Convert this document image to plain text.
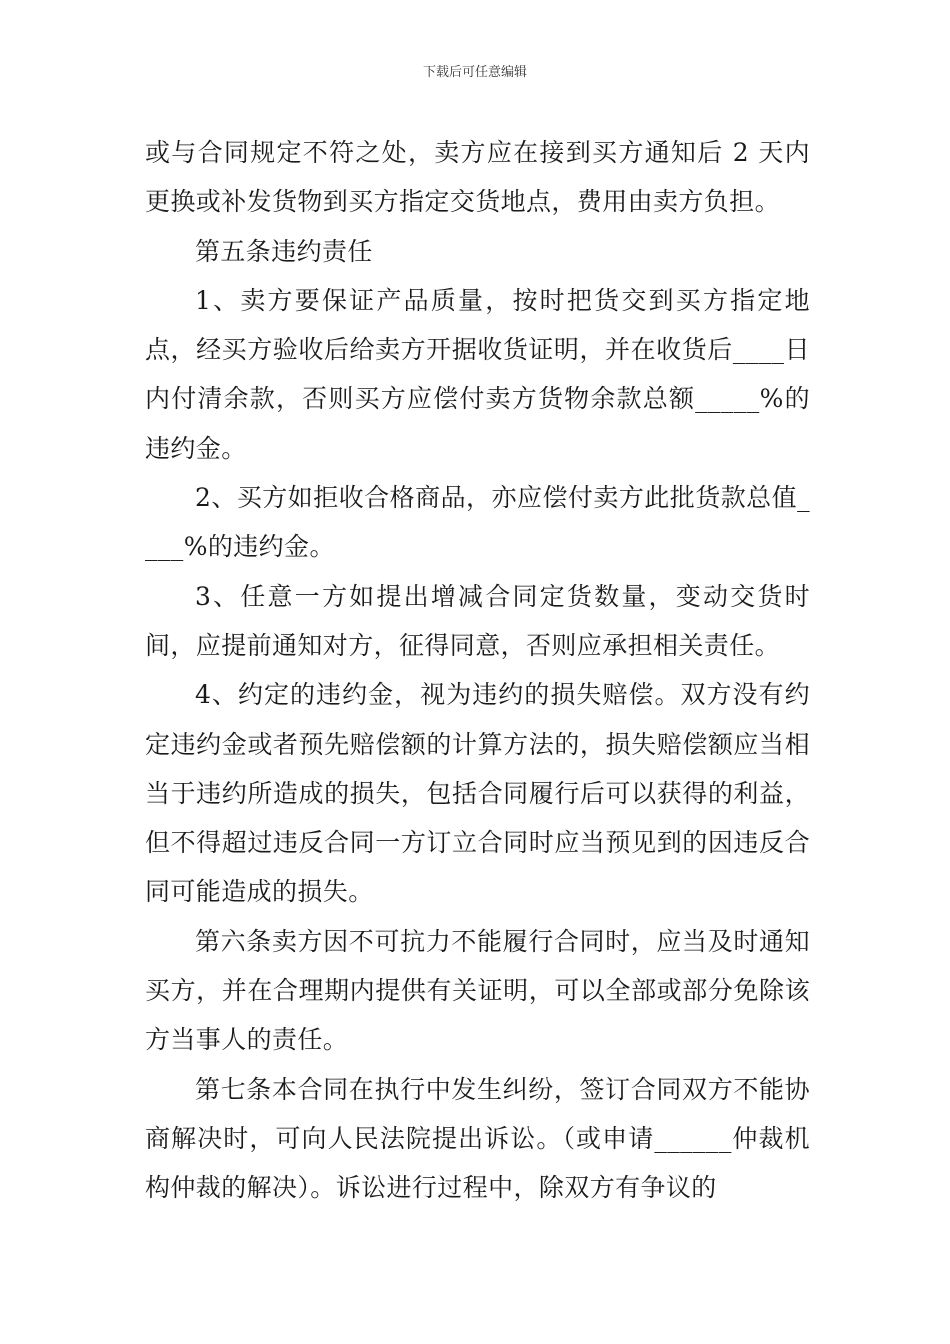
下载后可任意编辑

或与合同规定不符之处，卖方应在接到买方通知后 2 天内更换或补发货物到买方指定交货地点，费用由卖方负担。

第五条违约责任

1、卖方要保证产品质量，按时把货交到买方指定地点，经买方验收后给卖方开据收货证明，并在收货后____日内付清余款，否则买方应偿付卖方货物余款总额_____%的违约金。

2、买方如拒收合格商品，亦应偿付卖方此批货款总值____%的违约金。

3、任意一方如提出增减合同定货数量，变动交货时间，应提前通知对方，征得同意，否则应承担相关责任。

4、约定的违约金，视为违约的损失赔偿。双方没有约定违约金或者预先赔偿额的计算方法的，损失赔偿额应当相当于违约所造成的损失，包括合同履行后可以获得的利益，但不得超过违反合同一方订立合同时应当预见到的因违反合同可能造成的损失。

第六条卖方因不可抗力不能履行合同时，应当及时通知买方，并在合理期内提供有关证明，可以全部或部分免除该方当事人的责任。

第七条本合同在执行中发生纠纷，签订合同双方不能协商解决时，可向人民法院提出诉讼。（或申请______仲裁机构仲裁的解决）。诉讼进行过程中，除双方有争议的
